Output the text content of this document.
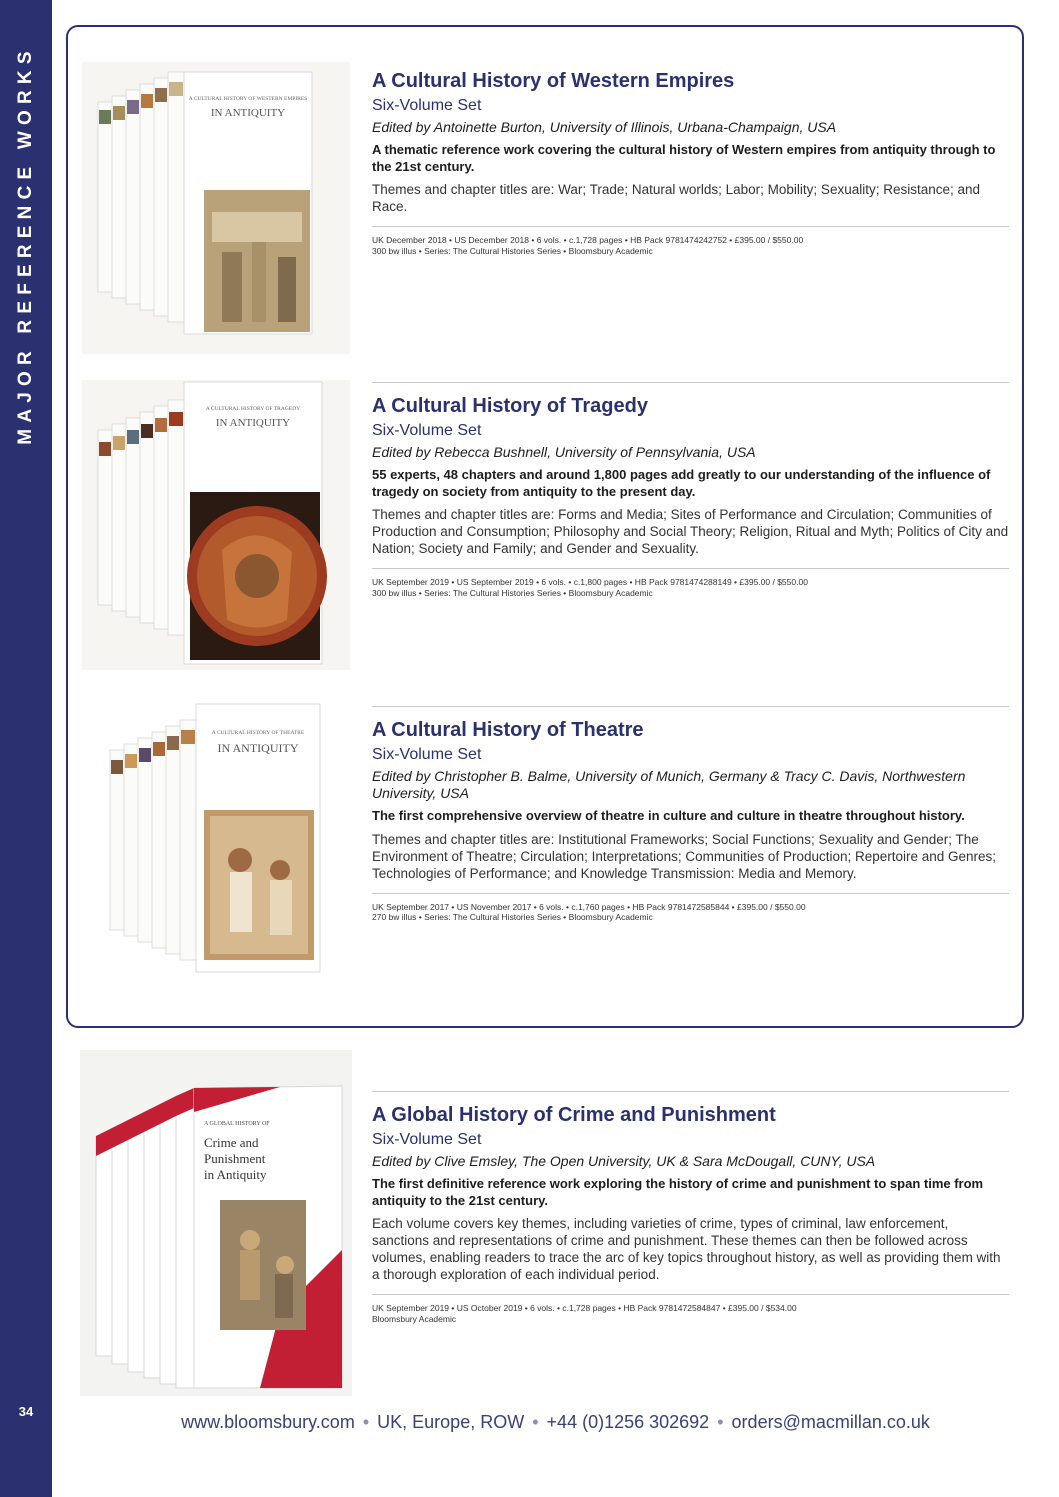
MAJOR REFERENCE WORKS
34
A CULTURAL HISTORY OF WESTERN EMPIRES
IN ANTIQUITY
A Cultural History of Western Empires
Six-Volume Set
Edited by Antoinette Burton, University of Illinois, Urbana-Champaign, USA
A thematic reference work covering the cultural history of Western empires from antiquity through to the 21st century.
Themes and chapter titles are: War; Trade; Natural worlds; Labor; Mobility; Sexuality; Resistance; and Race.
UK December 2018 • US December 2018 • 6 vols. • c.1,728 pages • HB Pack 9781474242752 • £395.00 / $550.00
300 bw illus • Series: The Cultural Histories Series • Bloomsbury Academic
A CULTURAL HISTORY OF TRAGEDY
IN ANTIQUITY
A Cultural History of Tragedy
Six-Volume Set
Edited by Rebecca Bushnell, University of Pennsylvania, USA
55 experts, 48 chapters and around 1,800 pages add greatly to our understanding of the influence of tragedy on society from antiquity to the present day.
Themes and chapter titles are: Forms and Media; Sites of Performance and Circulation; Communities of Production and Consumption; Philosophy and Social Theory; Religion, Ritual and Myth; Politics of City and Nation; Society and Family; and Gender and Sexuality.
UK September 2019 • US September 2019 • 6 vols. • c.1,800 pages • HB Pack 9781474288149 • £395.00 / $550.00
300 bw illus • Series: The Cultural Histories Series • Bloomsbury Academic
A CULTURAL HISTORY OF THEATRE
IN ANTIQUITY
A Cultural History of Theatre
Six-Volume Set
Edited by Christopher B. Balme, University of Munich, Germany & Tracy C. Davis, Northwestern University, USA
The first comprehensive overview of theatre in culture and culture in theatre throughout history.
Themes and chapter titles are: Institutional Frameworks; Social Functions; Sexuality and Gender; The Environment of Theatre; Circulation; Interpretations; Communities of Production; Repertoire and Genres; Technologies of Performance; and Knowledge Transmission: Media and Memory.
UK September 2017 • US November 2017 • 6 vols. • c.1,760 pages • HB Pack 9781472585844 • £395.00 / $550.00
270 bw illus • Series: The Cultural Histories Series • Bloomsbury Academic
A GLOBAL HISTORY OF
Crime and
Punishment
in Antiquity
A Global History of Crime and Punishment
Six-Volume Set
Edited by Clive Emsley, The Open University, UK & Sara McDougall, CUNY, USA
The first definitive reference work exploring the history of crime and punishment to span time from antiquity to the 21st century.
Each volume covers key themes, including varieties of crime, types of criminal, law enforcement, sanctions and representations of crime and punishment. These themes can then be followed across volumes, enabling readers to trace the arc of key topics throughout history, as well as providing them with a thorough exploration of each individual period.
UK September 2019 • US October 2019 • 6 vols. • c.1,728 pages • HB Pack 9781472584847 • £395.00 / $534.00
Bloomsbury Academic
www.bloomsbury.com • UK, Europe, ROW • +44 (0)1256 302692 • orders@macmillan.co.uk
